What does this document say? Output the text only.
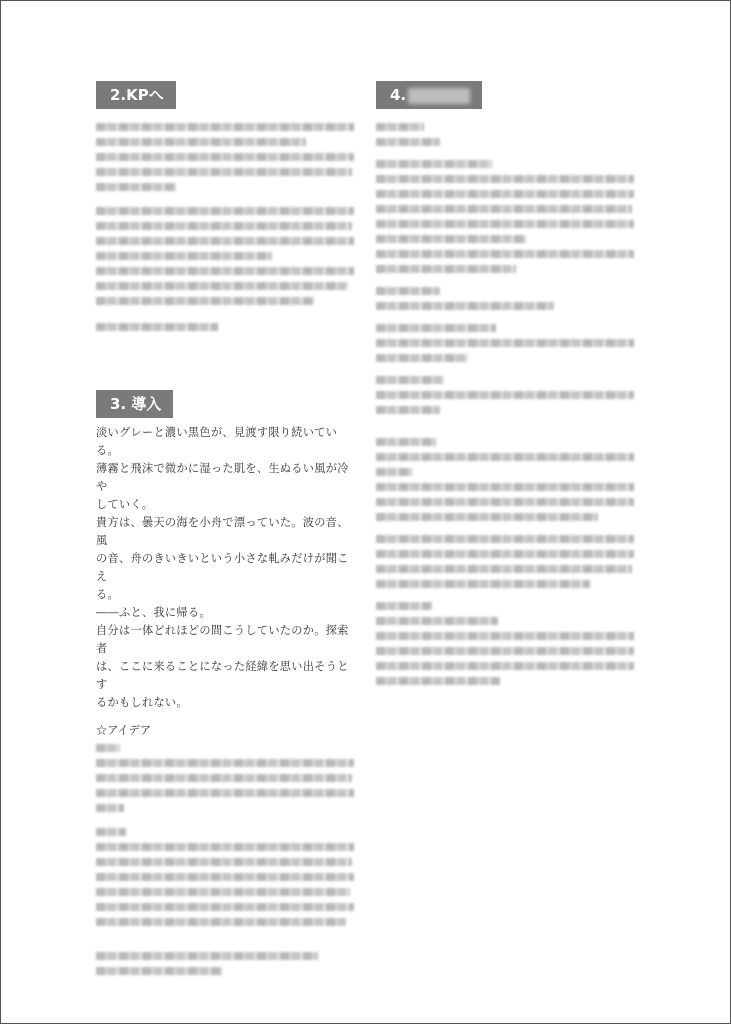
2.KPへ
3. 導入

淡いグレーと濃い黒色が、見渡す限り続いている。

薄霧と飛沫で微かに湿った肌を、生ぬるい風が冷や

していく。

貴方は、曇天の海を小舟で漂っていた。波の音、風

の音、舟のきいきいという小さな軋みだけが聞こえ

る。

――ふと、我に帰る。

自分は一体どれほどの間こうしていたのか。探索者

は、ここに来ることになった経緯を思い出そうとす

るかもしれない。

☆アイデア

4.
